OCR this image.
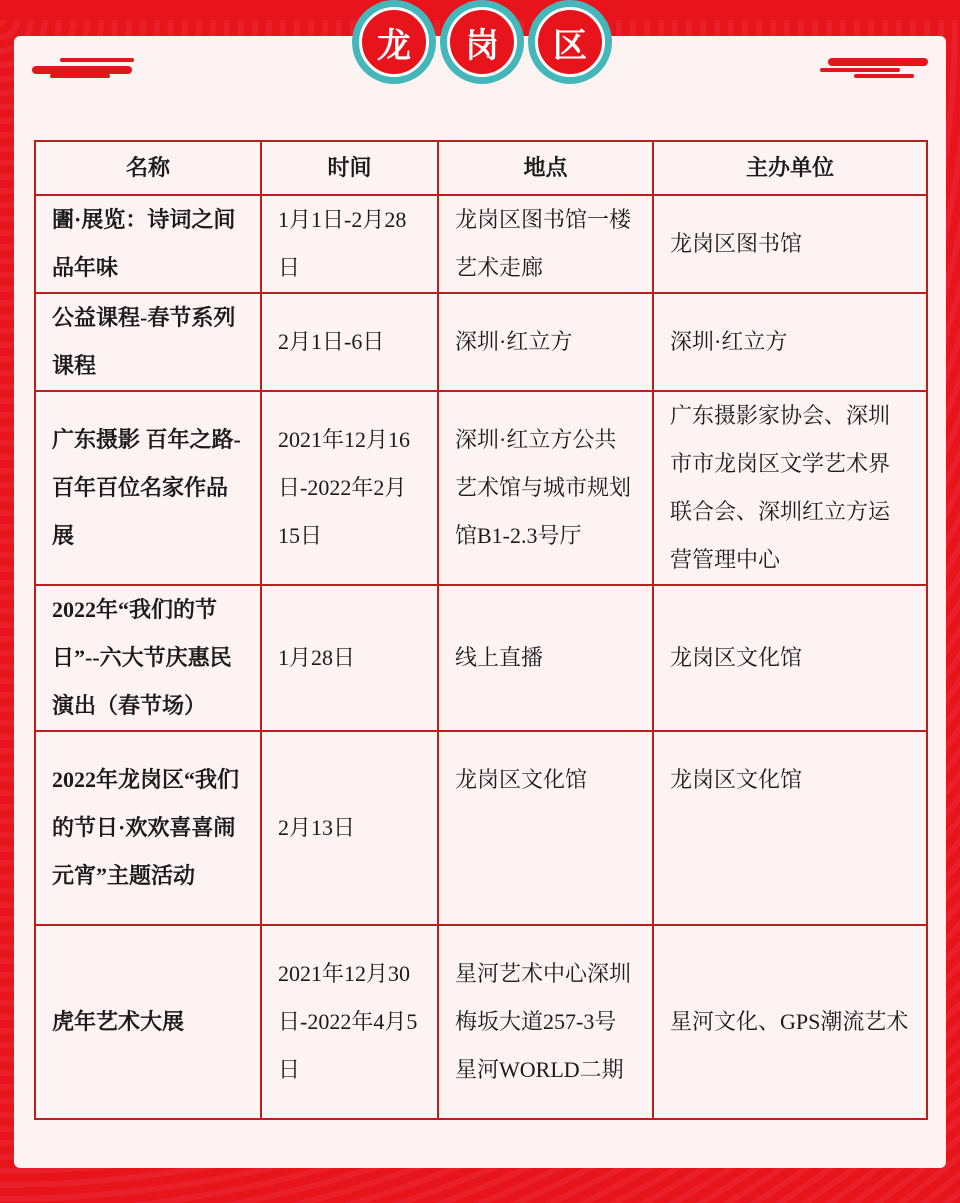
龙	岗	区
名称	时间	地点	主办单位
圕·展览：诗词之间品年味	1月1日-2月28日	龙岗区图书馆一楼艺术走廊	龙岗区图书馆
公益课程-春节系列课程	2月1日-6日	深圳·红立方	深圳·红立方
广东摄影 百年之路-百年百位名家作品展	2021年12月16日-2022年2月15日	深圳·红立方公共艺术馆与城市规划馆B1-2.3号厅	广东摄影家协会、深圳市市龙岗区文学艺术界联合会、深圳红立方运营管理中心
2022年“我们的节日”--六大节庆惠民演出（春节场）	1月28日	线上直播	龙岗区文化馆
2022年龙岗区“我们的节日·欢欢喜喜闹元宵”主题活动	2月13日	龙岗区文化馆	龙岗区文化馆
虎年艺术大展	2021年12月30日-2022年4月5日	星河艺术中心深圳梅坂大道257-3号星河WORLD二期	星河文化、GPS潮流艺术
